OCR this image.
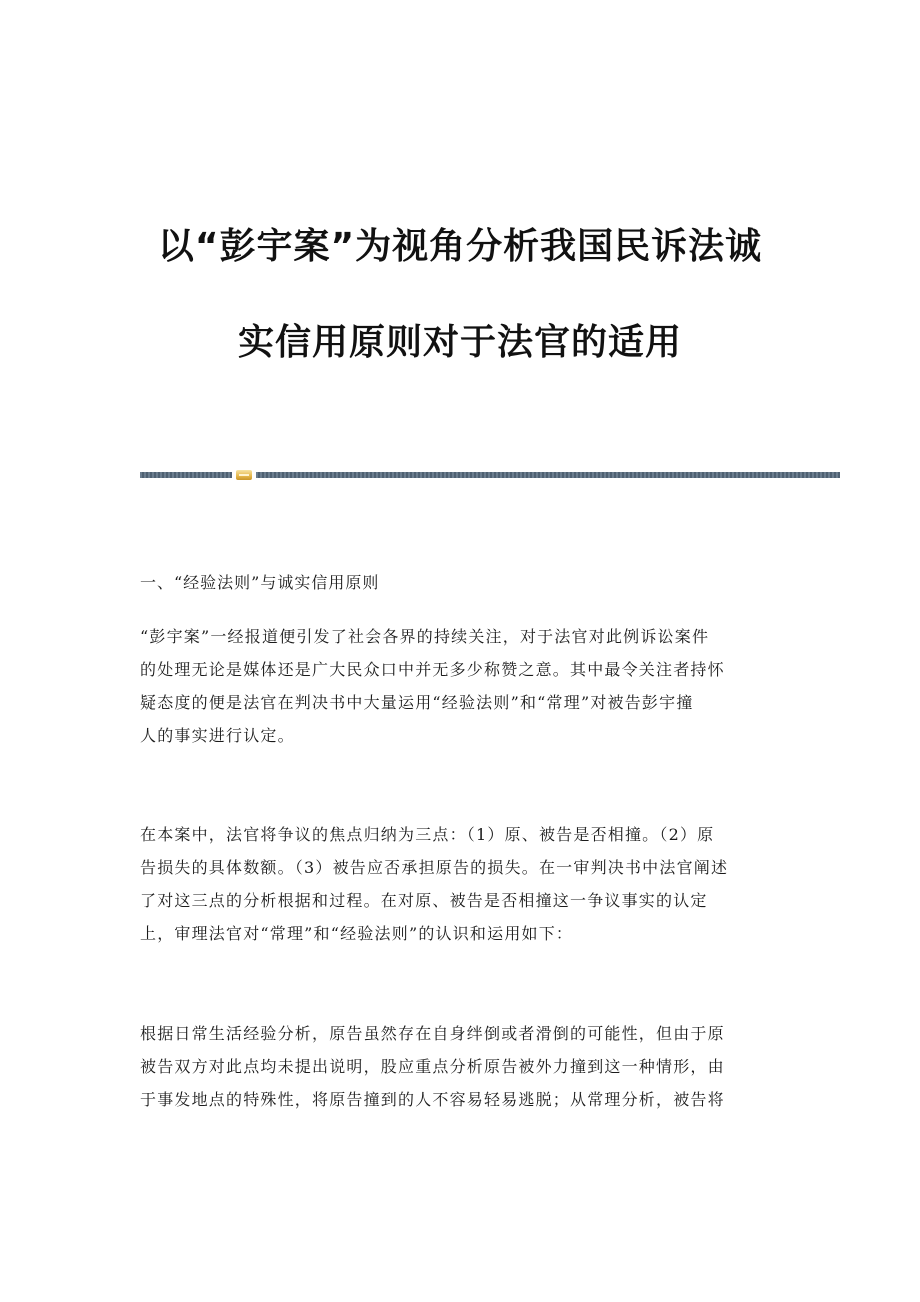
以“彭宇案”为视角分析我国民诉法诚
实信用原则对于法官的适用
一、“经验法则”与诚实信用原则

“彭宇案”一经报道便引发了社会各界的持续关注，对于法官对此例诉讼案件
的处理无论是媒体还是广大民众口中并无多少称赞之意。其中最令关注者持怀
疑态度的便是法官在判决书中大量运用“经验法则”和“常理”对被告彭宇撞
人的事实进行认定。

在本案中，法官将争议的焦点归纳为三点：（1）原、被告是否相撞。（2）原
告损失的具体数额。（3）被告应否承担原告的损失。在一审判决书中法官阐述
了对这三点的分析根据和过程。在对原、被告是否相撞这一争议事实的认定
上，审理法官对“常理”和“经验法则”的认识和运用如下：

根据日常生活经验分析，原告虽然存在自身绊倒或者滑倒的可能性，但由于原
被告双方对此点均未提出说明，股应重点分析原告被外力撞到这一种情形，由
于事发地点的特殊性，将原告撞到的人不容易轻易逃脱；从常理分析，被告将
